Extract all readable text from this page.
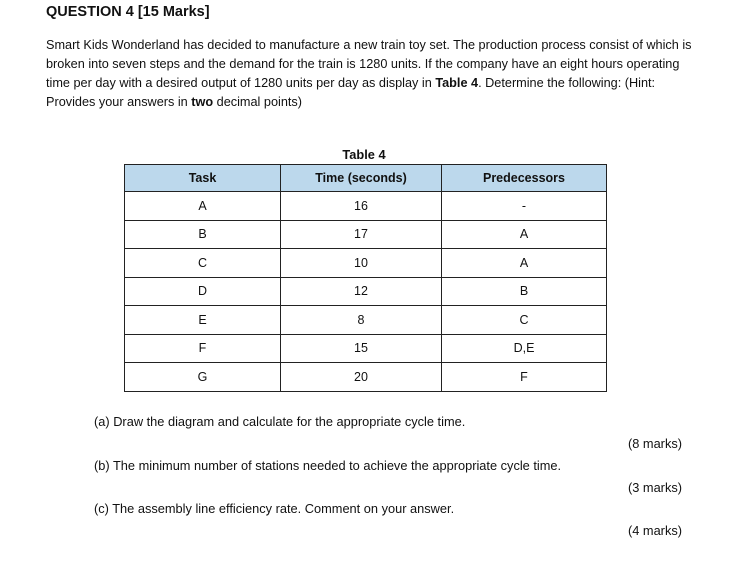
QUESTION 4 [15 Marks]

Smart Kids Wonderland has decided to manufacture a new train toy set. The production process consist of which is broken into seven steps and the demand for the train is 1280 units. If the company have an eight hours operating time per day with a desired output of 1280 units per day as display in Table 4. Determine the following: (Hint: Provides your answers in two decimal points)

Table 4
Task	Time (seconds)	Predecessors
A	16	-
B	17	A
C	10	A
D	12	B
E	8	C
F	15	D,E
G	20	F
(a) Draw the diagram and calculate for the appropriate cycle time.
(8 marks)
(b) The minimum number of stations needed to achieve the appropriate cycle time.
(3 marks)
(c) The assembly line efficiency rate. Comment on your answer.
(4 marks)
